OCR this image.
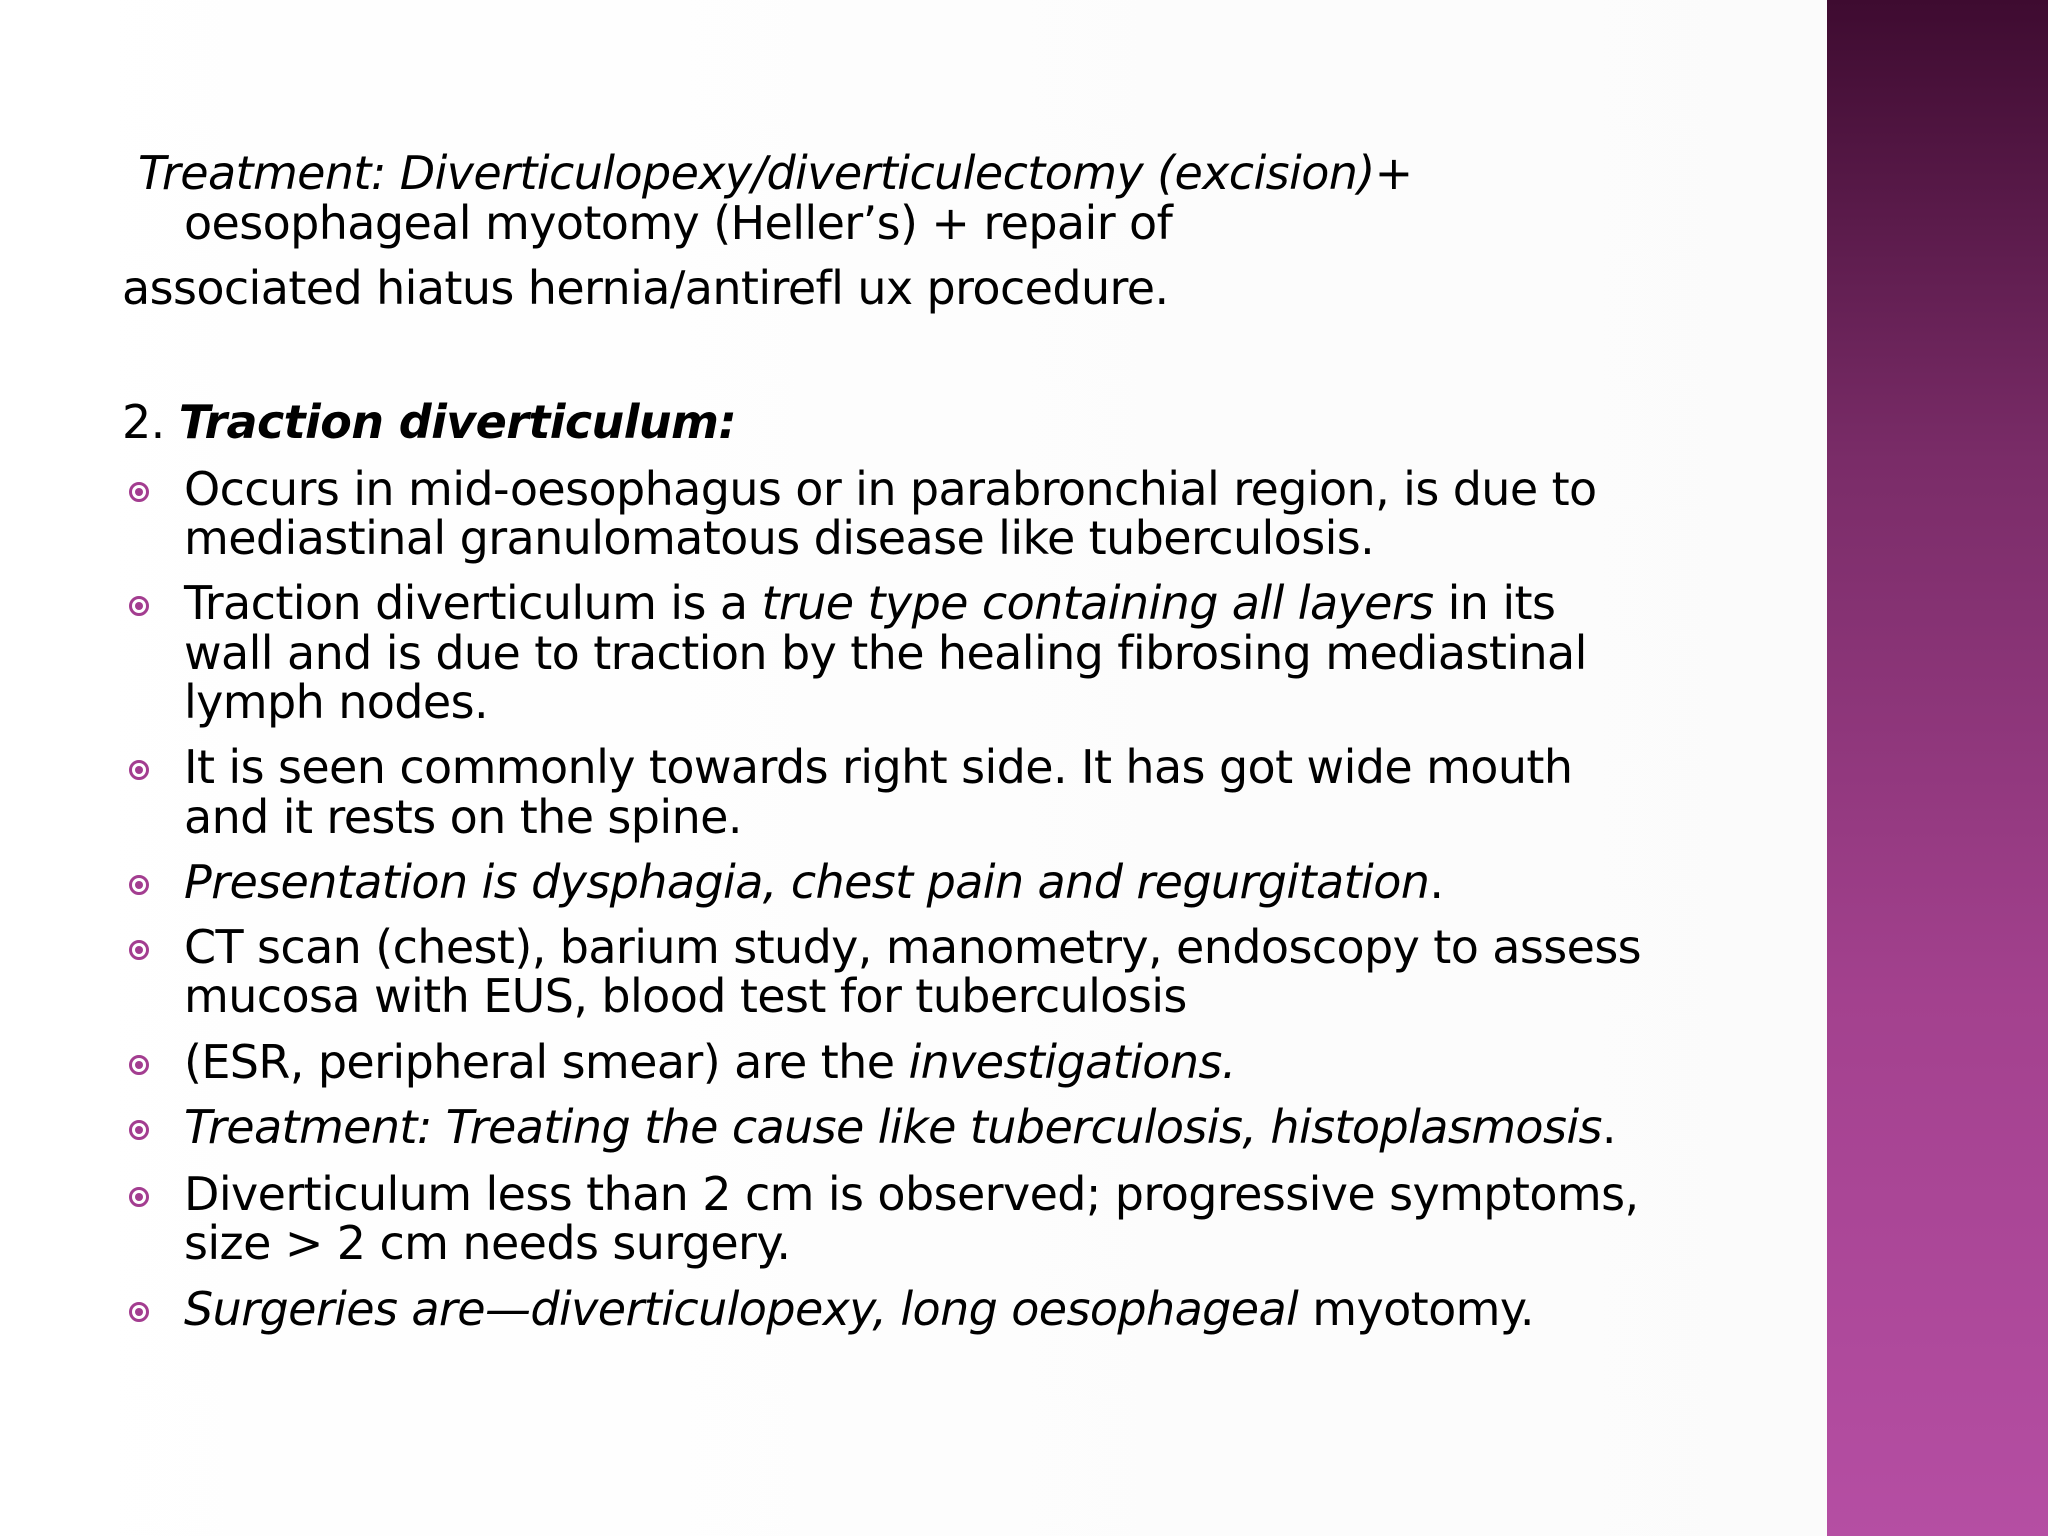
Treatment: Diverticulopexy/diverticulectomy (excision)+
oesophageal myotomy (Heller’s) + repair of
associated hiatus hernia/antirefl ux procedure.
2. Traction diverticulum:
Occurs in mid-oesophagus or in parabronchial region, is due to
mediastinal granulomatous disease like tuberculosis.
Traction diverticulum is a true type containing all layers in its
wall and is due to traction by the healing fibrosing mediastinal
lymph nodes.
It is seen commonly towards right side. It has got wide mouth
and it rests on the spine.
Presentation is dysphagia, chest pain and regurgitation.
CT scan (chest), barium study, manometry, endoscopy to assess
mucosa with EUS, blood test for tuberculosis
(ESR, peripheral smear) are the investigations.
Treatment: Treating the cause like tuberculosis, histoplasmosis.
Diverticulum less than 2 cm is observed; progressive symptoms,
size > 2 cm needs surgery.
Surgeries are—diverticulopexy, long oesophageal myotomy.
